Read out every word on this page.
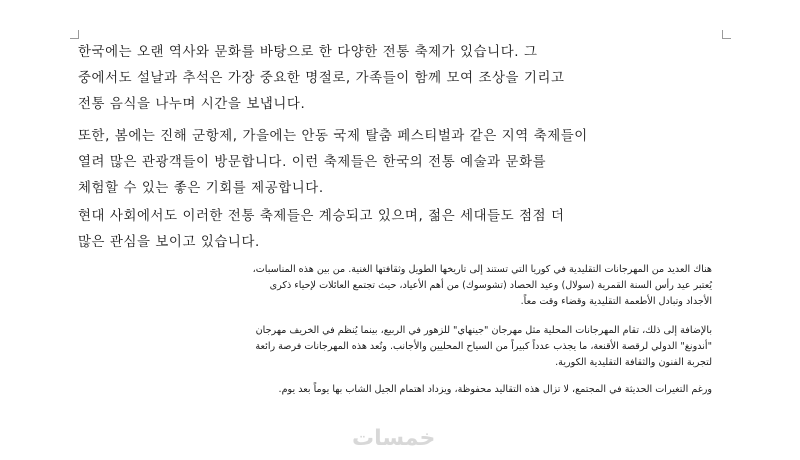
한국에는 오랜 역사와 문화를 바탕으로 한 다양한 전통 축제가 있습니다. 그
중에서도 설날과 추석은 가장 중요한 명절로, 가족들이 함께 모여 조상을 기리고
전통 음식을 나누며 시간을 보냅니다.
또한, 봄에는 진해 군항제, 가을에는 안동 국제 탈춤 페스티벌과 같은 지역 축제들이
열려 많은 관광객들이 방문합니다. 이런 축제들은 한국의 전통 예술과 문화를
체험할 수 있는 좋은 기회를 제공합니다.
현대 사회에서도 이러한 전통 축제들은 계승되고 있으며, 젊은 세대들도 점점 더
많은 관심을 보이고 있습니다.
هناك العديد من المهرجانات التقليدية في كوريا التي تستند إلى تاريخها الطويل وثقافتها الغنية. من بين هذه المناسبات،
يُعتبر عيد رأس السنة القمرية (سولال) وعيد الحصاد (تشوسوك) من أهم الأعياد، حيث تجتمع العائلات لإحياء ذكرى
الأجداد وتبادل الأطعمة التقليدية وقضاء وقت معاً.
بالإضافة إلى ذلك، تقام المهرجانات المحلية مثل مهرجان "جينهاي" للزهور في الربيع، بينما يُنظم في الخريف مهرجان
"أندونغ" الدولي لرقصة الأقنعة، ما يجذب عدداً كبيراً من السياح المحليين والأجانب. وتُعد هذه المهرجانات فرصة رائعة
لتجربة الفنون والثقافة التقليدية الكورية.
ورغم التغيرات الحديثة في المجتمع، لا تزال هذه التقاليد محفوظة، ويزداد اهتمام الجيل الشاب بها يوماً بعد يوم.
خمسات
